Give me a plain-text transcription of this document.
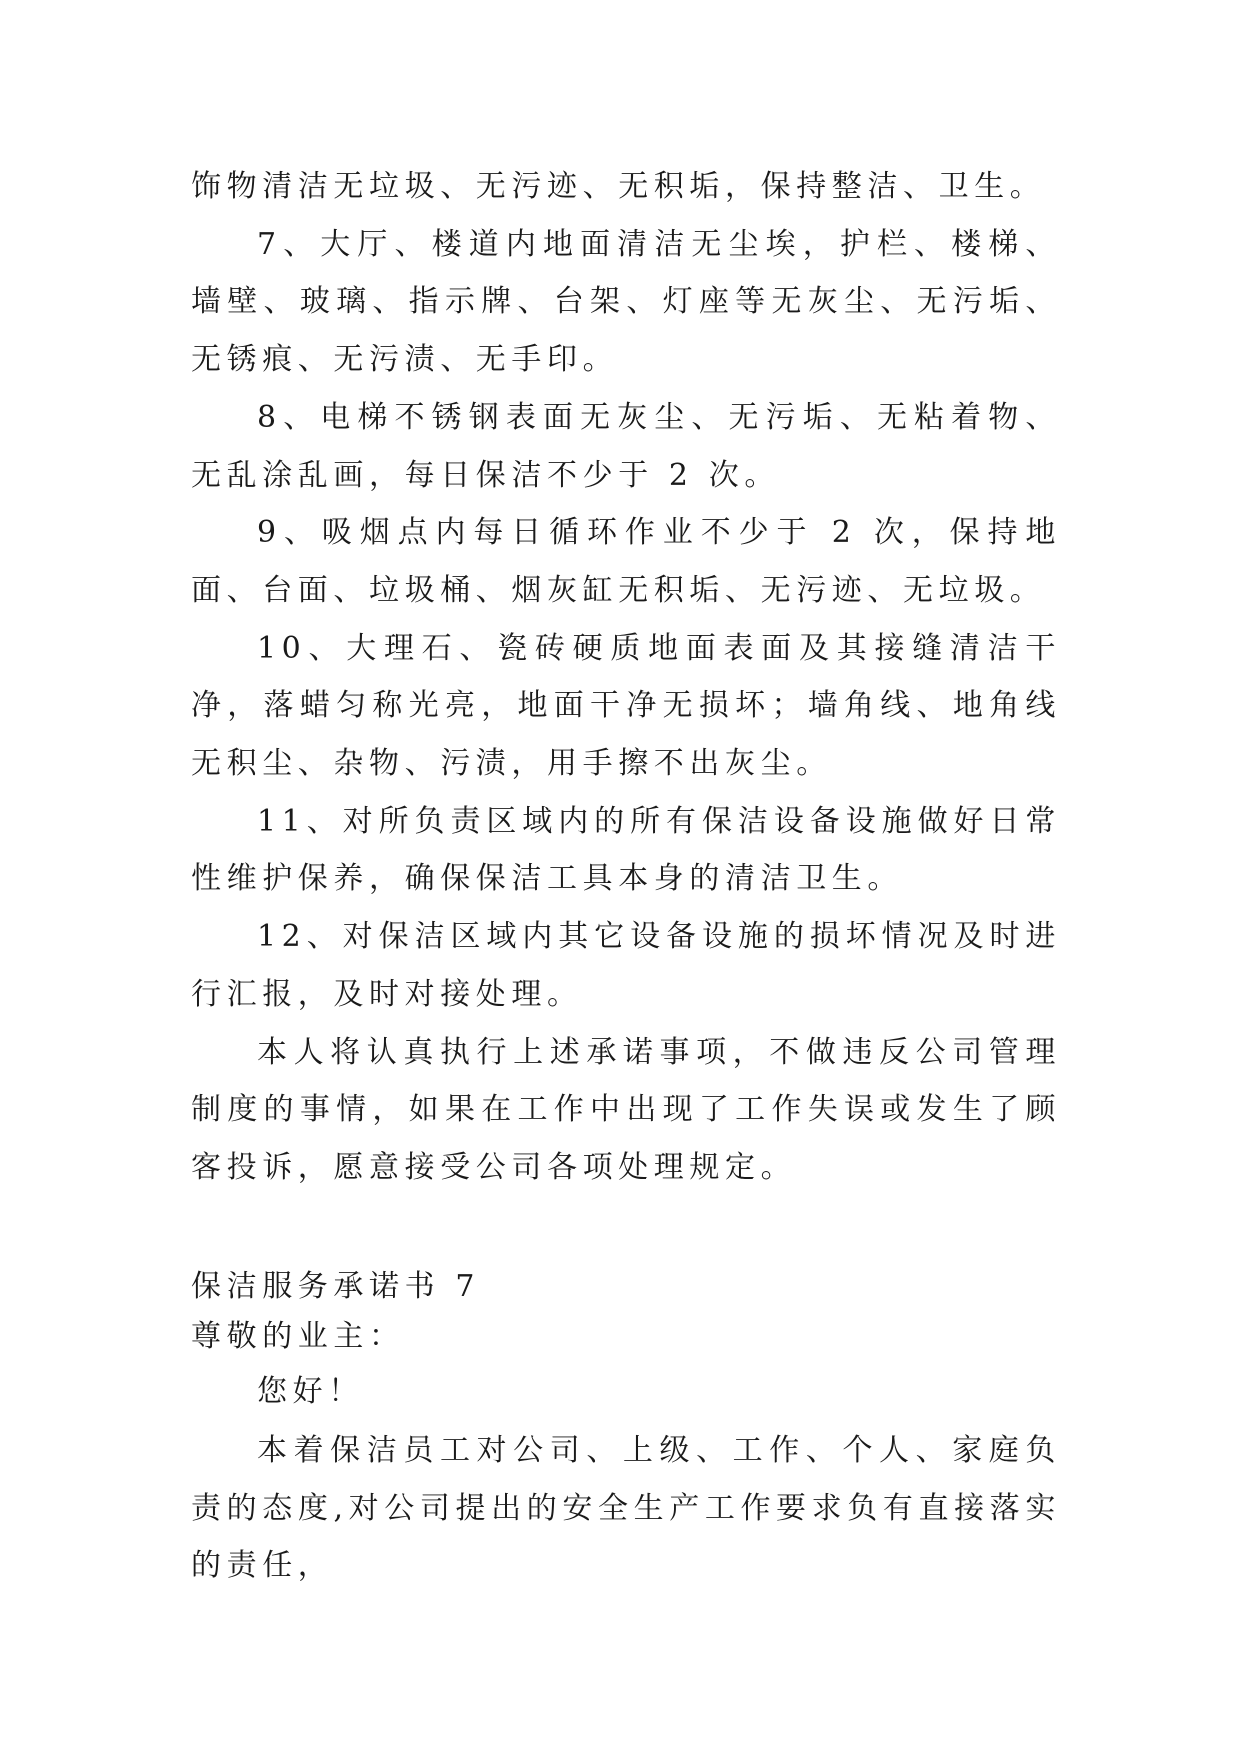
饰物清洁无垃圾、无污迹、无积垢，保持整洁、卫生。

7、大厅、楼道内地面清洁无尘埃，护栏、楼梯、墙壁、玻璃、指示牌、台架、灯座等无灰尘、无污垢、无锈痕、无污渍、无手印。

8、电梯不锈钢表面无灰尘、无污垢、无粘着物、无乱涂乱画，每日保洁不少于 2 次。

9、吸烟点内每日循环作业不少于 2 次，保持地面、台面、垃圾桶、烟灰缸无积垢、无污迹、无垃圾。

10、大理石、瓷砖硬质地面表面及其接缝清洁干净，落蜡匀称光亮，地面干净无损坏；墙角线、地角线无积尘、杂物、污渍，用手擦不出灰尘。

11、对所负责区域内的所有保洁设备设施做好日常性维护保养，确保保洁工具本身的清洁卫生。

12、对保洁区域内其它设备设施的损坏情况及时进行汇报，及时对接处理。

本人将认真执行上述承诺事项，不做违反公司管理制度的事情，如果在工作中出现了工作失误或发生了顾客投诉，愿意接受公司各项处理规定。

保洁服务承诺书 7

尊敬的业主：

您好！

本着保洁员工对公司、上级、工作、个人、家庭负责的态度,对公司提出的安全生产工作要求负有直接落实的责任，
